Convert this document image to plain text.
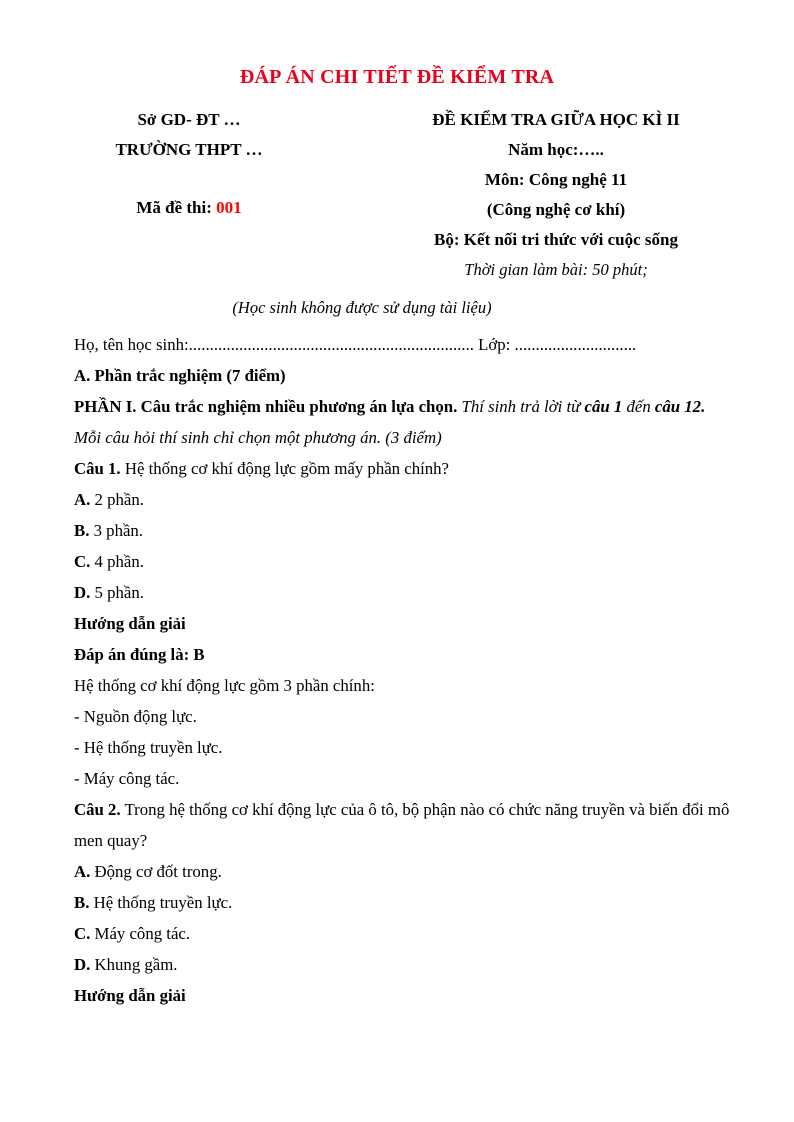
ĐÁP ÁN CHI TIẾT ĐỀ KIỂM TRA
Sở GD- ĐT …
TRƯỜNG THPT …
Mã đề thi: 001
ĐỀ KIỂM TRA GIỮA HỌC KÌ II
Năm học:…..
Môn: Công nghệ 11
(Công nghệ cơ khí)
Bộ: Kết nối tri thức với cuộc sống
Thời gian làm bài: 50 phút;
(Học sinh không được sử dụng tài liệu)

Họ, tên học sinh:.................................................................... Lớp: .............................

A. Phần trắc nghiệm (7 điểm)

PHẦN I. Câu trắc nghiệm nhiều phương án lựa chọn. Thí sinh trả lời từ câu 1 đến câu 12. Mỗi câu hỏi thí sinh chỉ chọn một phương án. (3 điểm)

Câu 1. Hệ thống cơ khí động lực gồm mấy phần chính?

A. 2 phần.

B. 3 phần.

C. 4 phần.

D. 5 phần.

Hướng dẫn giải

Đáp án đúng là: B

Hệ thống cơ khí động lực gồm 3 phần chính:

- Nguồn động lực.

- Hệ thống truyền lực.

- Máy công tác.

Câu 2. Trong hệ thống cơ khí động lực của ô tô, bộ phận nào có chức năng truyền và biến đổi mô men quay?

A. Động cơ đốt trong.

B. Hệ thống truyền lực.

C. Máy công tác.

D. Khung gầm.

Hướng dẫn giải
